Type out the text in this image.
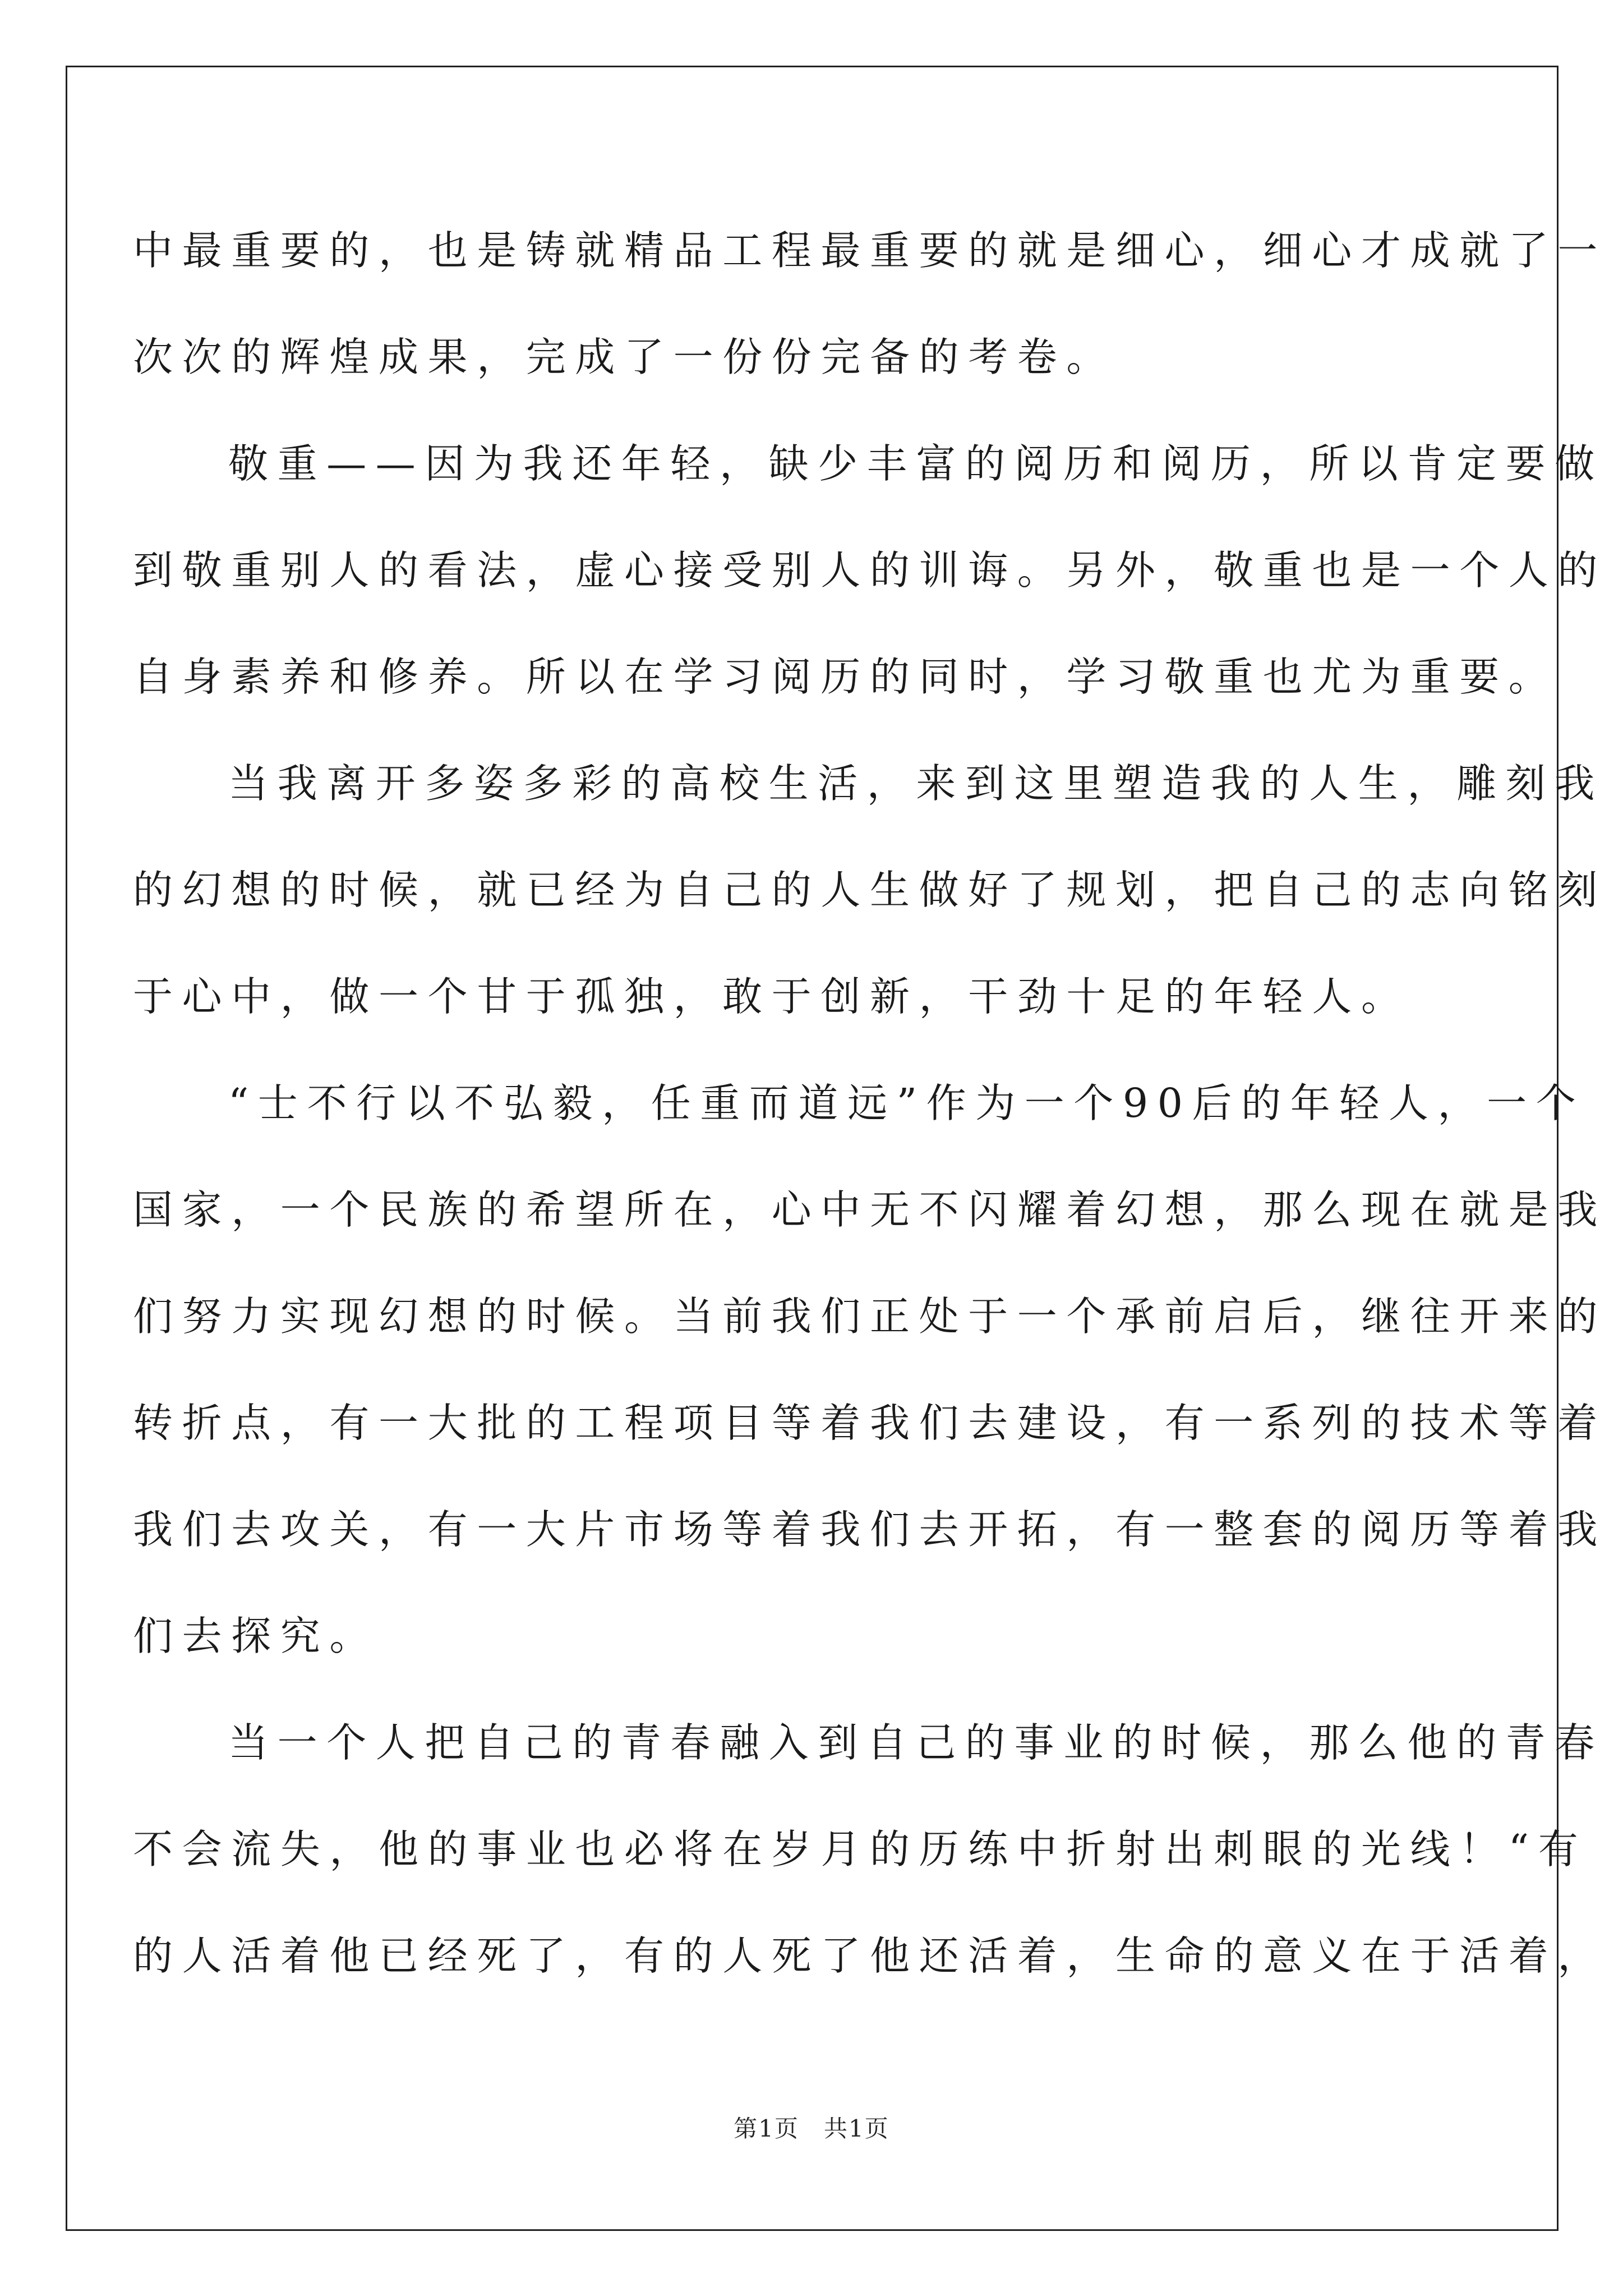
中最重要的，也是铸就精品工程最重要的就是细心，细心才成就了一
次次的辉煌成果，完成了一份份完备的考卷。
敬重——因为我还年轻，缺少丰富的阅历和阅历，所以肯定要做
到敬重别人的看法，虚心接受别人的训诲。另外，敬重也是一个人的
自身素养和修养。所以在学习阅历的同时，学习敬重也尤为重要。
当我离开多姿多彩的高校生活，来到这里塑造我的人生，雕刻我
的幻想的时候，就已经为自己的人生做好了规划，把自己的志向铭刻
于心中，做一个甘于孤独，敢于创新，干劲十足的年轻人。
“士不行以不弘毅，任重而道远”作为一个90后的年轻人，一个
国家，一个民族的希望所在，心中无不闪耀着幻想，那么现在就是我
们努力实现幻想的时候。当前我们正处于一个承前启后，继往开来的
转折点，有一大批的工程项目等着我们去建设，有一系列的技术等着
我们去攻关，有一大片市场等着我们去开拓，有一整套的阅历等着我
们去探究。
当一个人把自己的青春融入到自己的事业的时候，那么他的青春
不会流失，他的事业也必将在岁月的历练中折射出刺眼的光线！“有
的人活着他已经死了，有的人死了他还活着，生命的意义在于活着，
第1页　共1页
